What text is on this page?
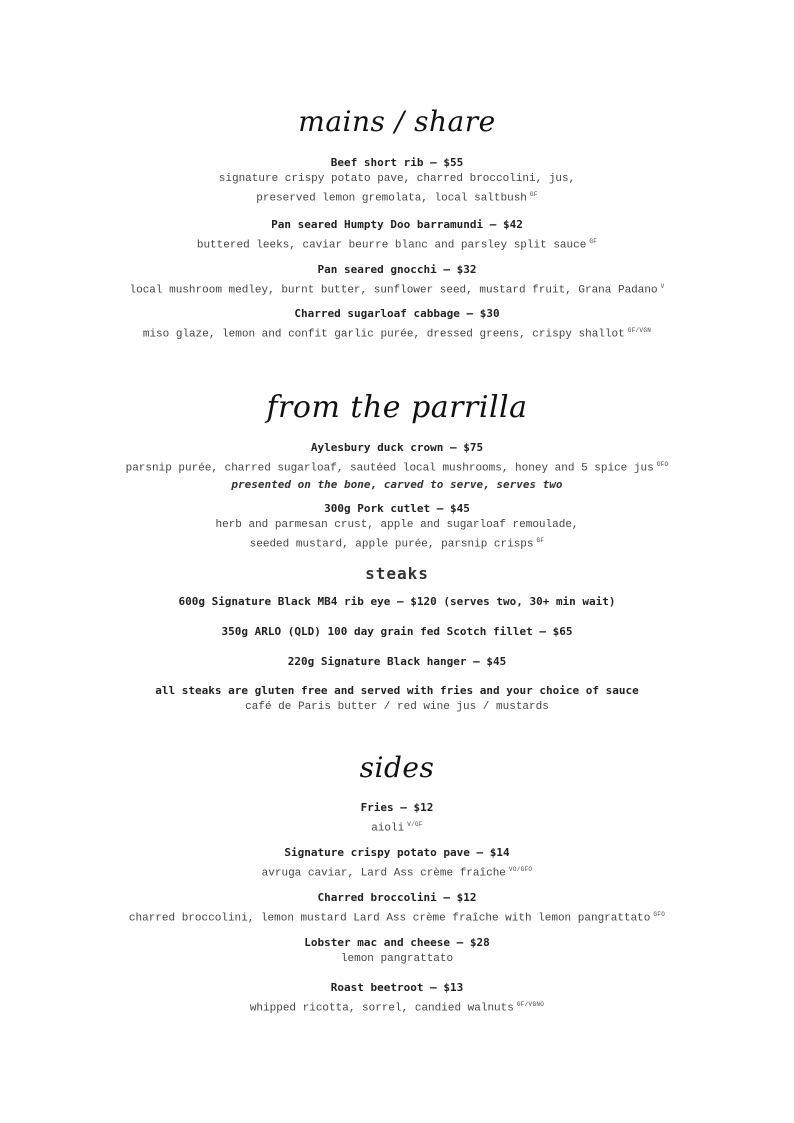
mains / share
Beef short rib – $55
signature crispy potato pave, charred broccolini, jus,
preserved lemon gremolata, local saltbush $^{GF}$
Pan seared Humpty Doo barramundi – $42
buttered leeks, caviar beurre blanc and parsley split sauce $^{GF}$
Pan seared gnocchi – $32
local mushroom medley, burnt butter, sunflower seed, mustard fruit, Grana Padano $^V$
Charred sugarloaf cabbage – $30
miso glaze, lemon and confit garlic purée, dressed greens, crispy shallot $^{GF/VGN}$
from the parrilla
Aylesbury duck crown – $75
parsnip purée, charred sugarloaf, sautéed local mushrooms, honey and 5 spice jus $^{GFO}$
presented on the bone, carved to serve, serves two
300g Pork cutlet – $45
herb and parmesan crust, apple and sugarloaf remoulade,
seeded mustard, apple purée, parsnip crisps $^{GF}$
steaks
600g Signature Black MB4 rib eye – $120 (serves two, 30+ min wait)
350g ARLO (QLD) 100 day grain fed Scotch fillet – $65
220g Signature Black hanger – $45
all steaks are gluten free and served with fries and your choice of sauce
café de Paris butter / red wine jus / mustards
sides
Fries – $12
aioli $^{V/GF}$
Signature crispy potato pave – $14
avruga caviar, Lard Ass crème fraîche $^{VO/GFO}$
Charred broccolini – $12
charred broccolini, lemon mustard Lard Ass crème fraîche with lemon pangrattato $^{GFO}$
Lobster mac and cheese – $28
lemon pangrattato
Roast beetroot – $13
whipped ricotta, sorrel, candied walnuts $^{GF/VGNO}$
